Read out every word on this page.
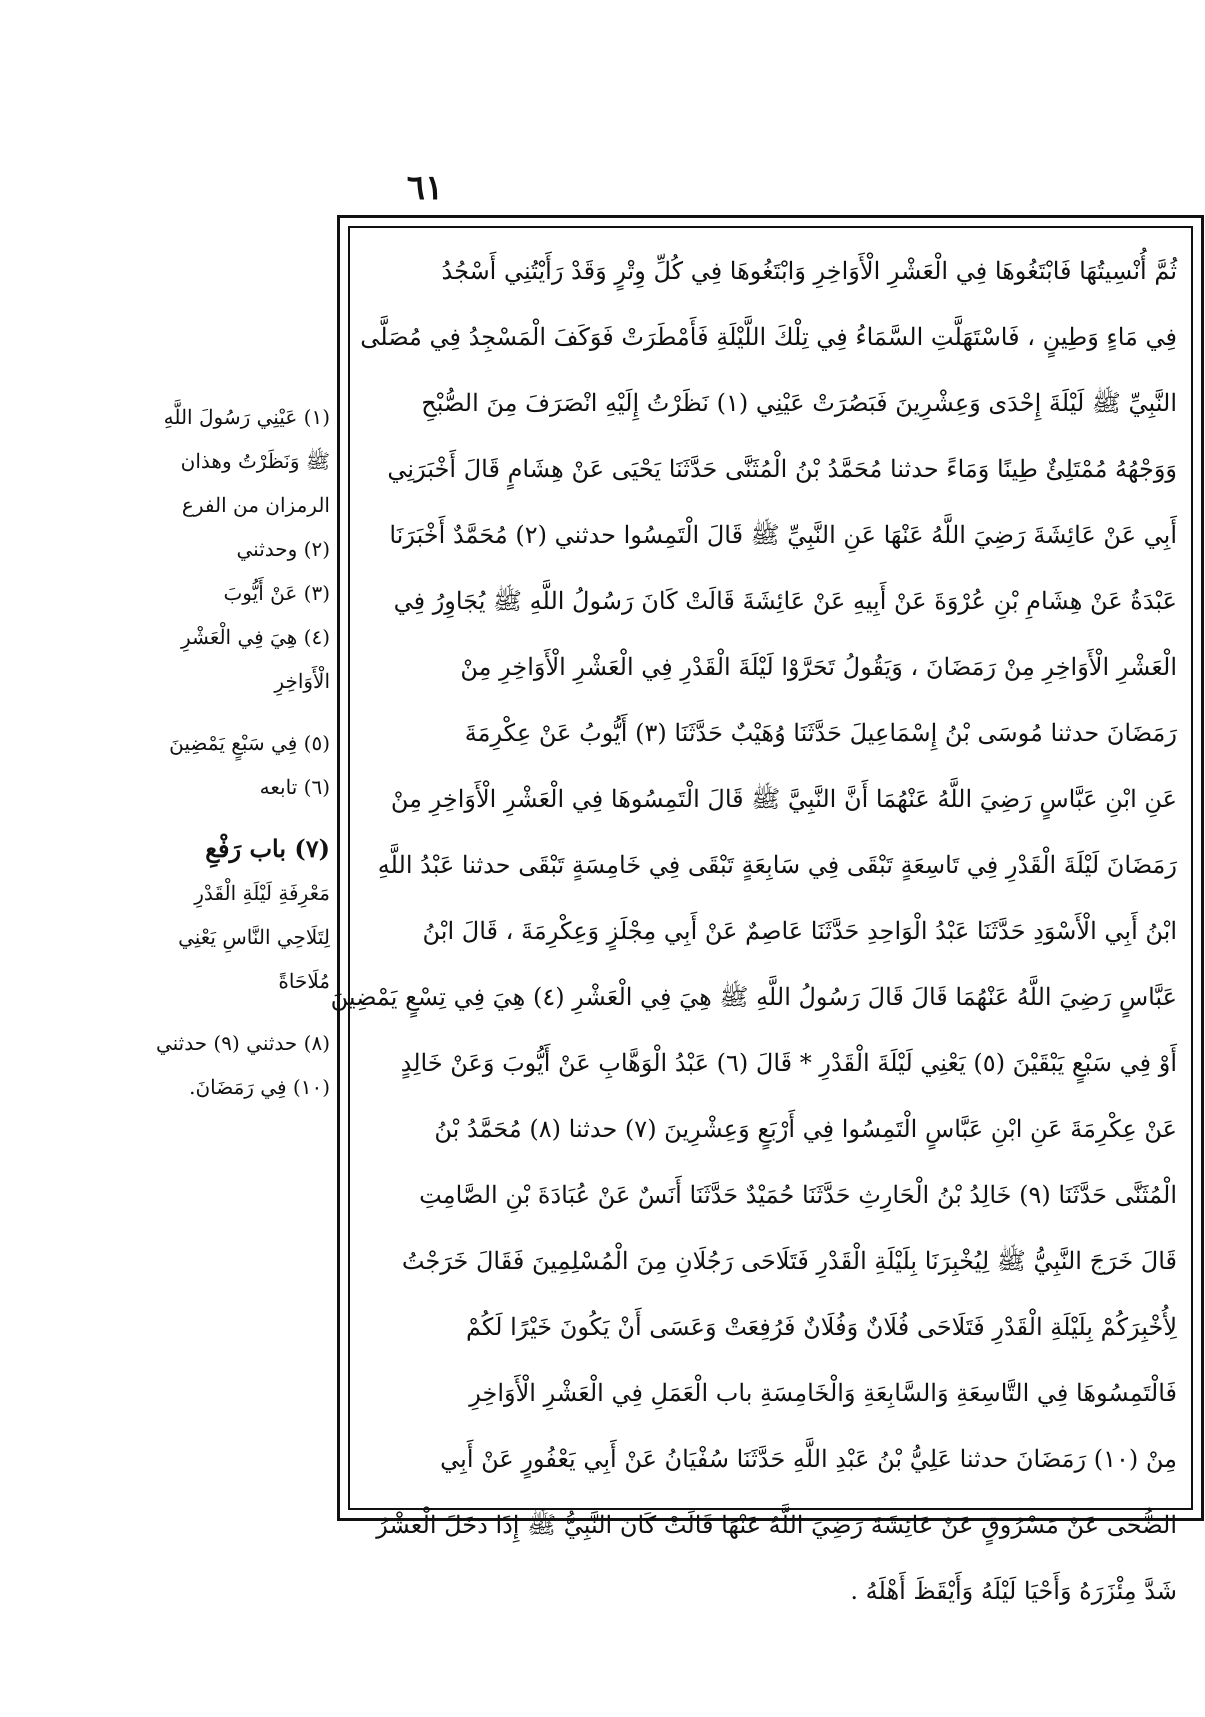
٦١
(١) عَيْنِي رَسُولَ اللَّهِ
ﷺ وَنَظَرْتُ وهذان
الرمزان من الفرع
(٢) وحدثني
(٣) عَنْ أَيُّوبَ
(٤) هِيَ فِي الْعَشْرِ
الْأَوَاخِرِ
(٥) فِي سَبْعٍ يَمْضِينَ
(٦) تابعه
(٧) باب رَفْعِ
مَعْرِفَةِ لَيْلَةِ الْقَدْرِ
لِتَلَاحِي النَّاسِ يَعْنِي
مُلَاحَاةً
(٨) حدثني (٩) حدثني
(١٠) فِي رَمَضَانَ.
ثُمَّ أُنْسِيتُهَا فَابْتَغُوهَا فِي الْعَشْرِ الْأَوَاخِرِ وَابْتَغُوهَا فِي كُلِّ وِتْرٍ وَقَدْ رَأَيْتُنِي أَسْجُدُ
فِي مَاءٍ وَطِينٍ ، فَاسْتَهَلَّتِ السَّمَاءُ فِي تِلْكَ اللَّيْلَةِ فَأَمْطَرَتْ فَوَكَفَ الْمَسْجِدُ فِي مُصَلَّى
النَّبِيِّ ﷺ لَيْلَةَ إِحْدَى وَعِشْرِينَ فَبَصُرَتْ عَيْنِي (١) نَظَرْتُ إِلَيْهِ انْصَرَفَ مِنَ الصُّبْحِ
وَوَجْهُهُ مُمْتَلِئٌ طِينًا وَمَاءً حدثنا مُحَمَّدُ بْنُ الْمُثَنَّى حَدَّثَنَا يَحْيَى عَنْ هِشَامٍ قَالَ أَخْبَرَنِي
أَبِي عَنْ عَائِشَةَ رَضِيَ اللَّهُ عَنْهَا عَنِ النَّبِيِّ ﷺ قَالَ الْتَمِسُوا حدثني (٢) مُحَمَّدٌ أَخْبَرَنَا
عَبْدَةُ عَنْ هِشَامِ بْنِ عُرْوَةَ عَنْ أَبِيهِ عَنْ عَائِشَةَ قَالَتْ كَانَ رَسُولُ اللَّهِ ﷺ يُجَاوِرُ فِي
الْعَشْرِ الْأَوَاخِرِ مِنْ رَمَضَانَ ، وَيَقُولُ تَحَرَّوْا لَيْلَةَ الْقَدْرِ فِي الْعَشْرِ الْأَوَاخِرِ مِنْ
رَمَضَانَ حدثنا مُوسَى بْنُ إِسْمَاعِيلَ حَدَّثَنَا وُهَيْبٌ حَدَّثَنَا (٣) أَيُّوبُ عَنْ عِكْرِمَةَ
عَنِ ابْنِ عَبَّاسٍ رَضِيَ اللَّهُ عَنْهُمَا أَنَّ النَّبِيَّ ﷺ قَالَ الْتَمِسُوهَا فِي الْعَشْرِ الْأَوَاخِرِ مِنْ
رَمَضَانَ لَيْلَةَ الْقَدْرِ فِي تَاسِعَةٍ تَبْقَى فِي سَابِعَةٍ تَبْقَى فِي خَامِسَةٍ تَبْقَى حدثنا عَبْدُ اللَّهِ
ابْنُ أَبِي الْأَسْوَدِ حَدَّثَنَا عَبْدُ الْوَاحِدِ حَدَّثَنَا عَاصِمٌ عَنْ أَبِي مِجْلَزٍ وَعِكْرِمَةَ ، قَالَ ابْنُ
عَبَّاسٍ رَضِيَ اللَّهُ عَنْهُمَا قَالَ قَالَ رَسُولُ اللَّهِ ﷺ هِيَ فِي الْعَشْرِ (٤) هِيَ فِي تِسْعٍ يَمْضِينَ
أَوْ فِي سَبْعٍ يَبْقَيْنَ (٥) يَعْنِي لَيْلَةَ الْقَدْرِ * قَالَ (٦) عَبْدُ الْوَهَّابِ عَنْ أَيُّوبَ وَعَنْ خَالِدٍ
عَنْ عِكْرِمَةَ عَنِ ابْنِ عَبَّاسٍ الْتَمِسُوا فِي أَرْبَعٍ وَعِشْرِينَ (٧) حدثنا (٨) مُحَمَّدُ بْنُ
الْمُثَنَّى حَدَّثَنَا (٩) خَالِدُ بْنُ الْحَارِثِ حَدَّثَنَا حُمَيْدٌ حَدَّثَنَا أَنَسٌ عَنْ عُبَادَةَ بْنِ الصَّامِتِ
قَالَ خَرَجَ النَّبِيُّ ﷺ لِيُخْبِرَنَا بِلَيْلَةِ الْقَدْرِ فَتَلَاحَى رَجُلَانِ مِنَ الْمُسْلِمِينَ فَقَالَ خَرَجْتُ
لِأُخْبِرَكُمْ بِلَيْلَةِ الْقَدْرِ فَتَلَاحَى فُلَانٌ وَفُلَانٌ فَرُفِعَتْ وَعَسَى أَنْ يَكُونَ خَيْرًا لَكُمْ
فَالْتَمِسُوهَا فِي التَّاسِعَةِ وَالسَّابِعَةِ وَالْخَامِسَةِ باب الْعَمَلِ فِي الْعَشْرِ الْأَوَاخِرِ
مِنْ (١٠) رَمَضَانَ حدثنا عَلِيُّ بْنُ عَبْدِ اللَّهِ حَدَّثَنَا سُفْيَانُ عَنْ أَبِي يَعْفُورٍ عَنْ أَبِي
الضُّحَى عَنْ مَسْرُوقٍ عَنْ عَائِشَةَ رَضِيَ اللَّهُ عَنْهَا قَالَتْ كَانَ النَّبِيُّ ﷺ إِذَا دَخَلَ الْعَشْرُ
شَدَّ مِئْزَرَهُ وَأَحْيَا لَيْلَهُ وَأَيْقَظَ أَهْلَهُ .
